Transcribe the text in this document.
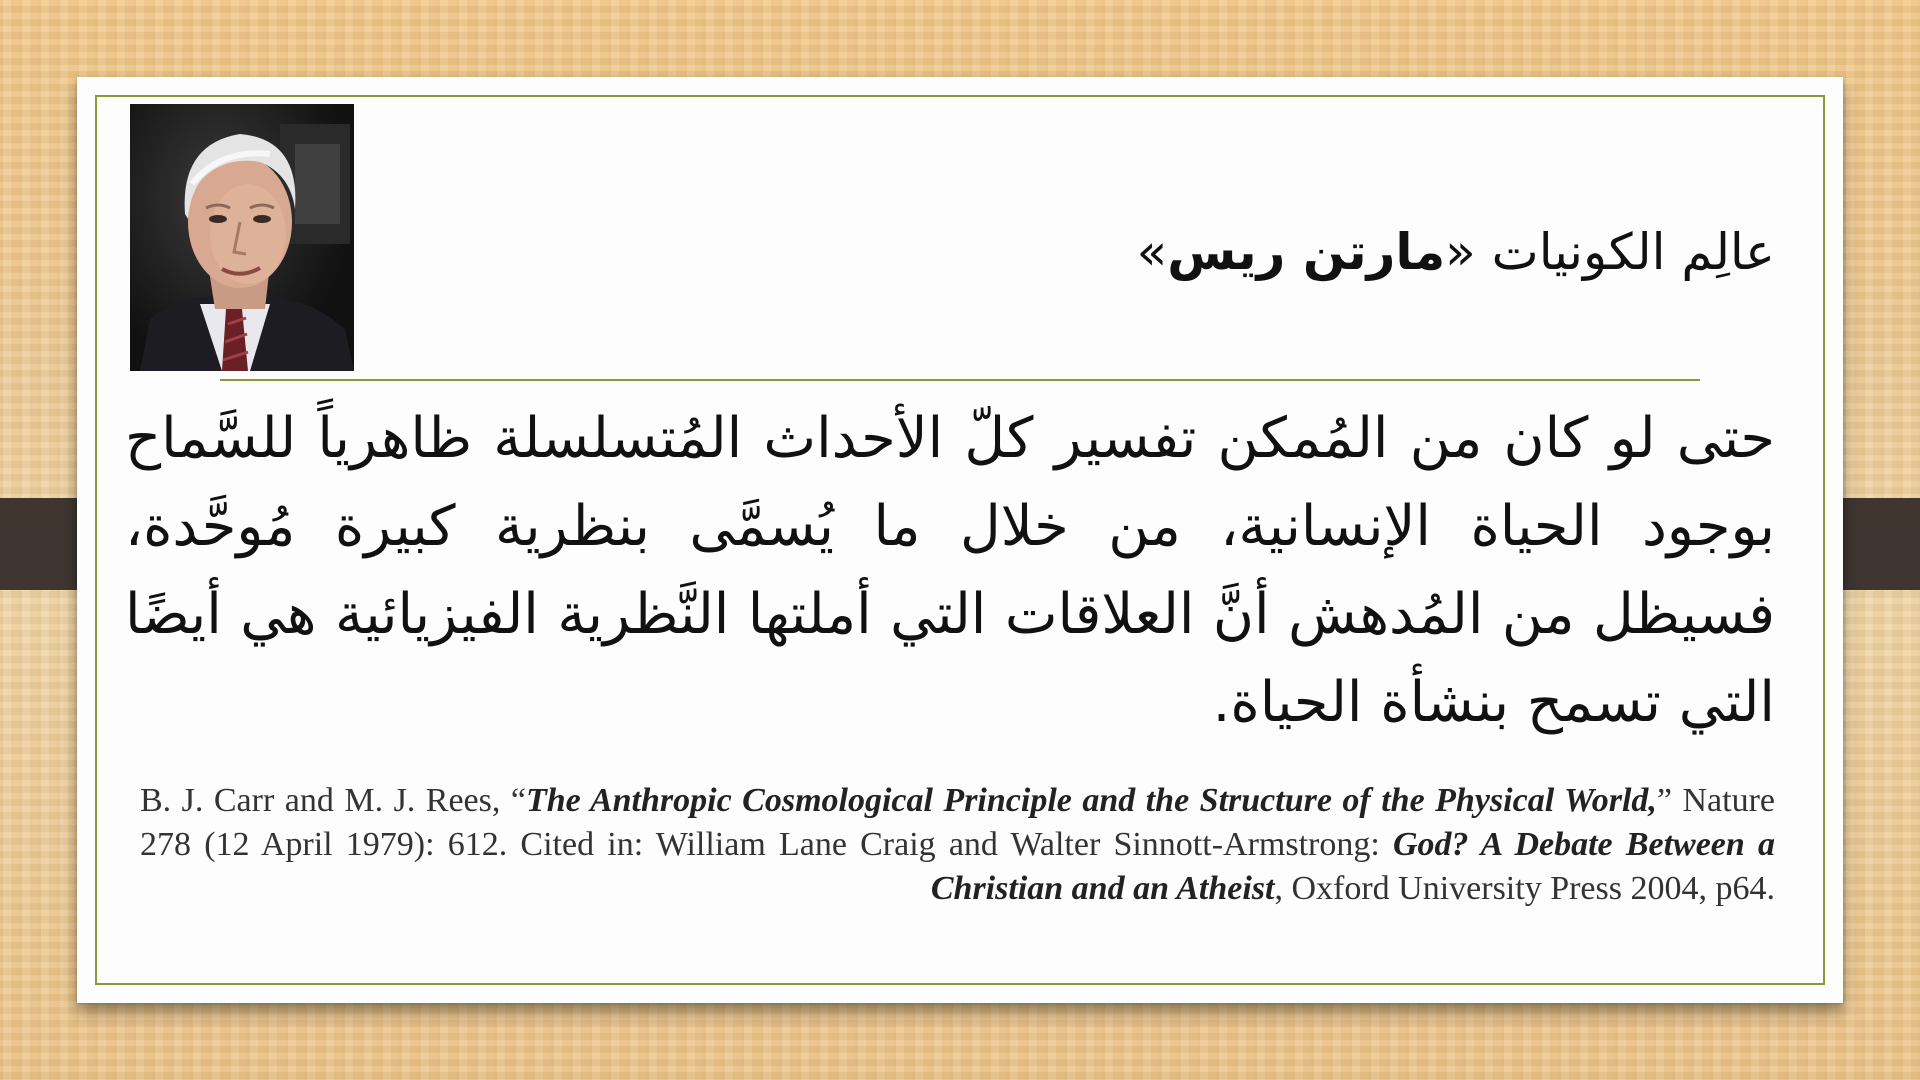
عالِم الكونيات «مارتن ريس»
حتى لو كان من المُمكن تفسير كلّ الأحداث المُتسلسلة ظاهرياً للسَّماح بوجود الحياة الإنسانية، من خلال ما يُسمَّى بنظرية كبيرة مُوحَّدة، فسيظل من المُدهش أنَّ العلاقات التي أملتها النَّظرية الفيزيائية هي أيضًا التي تسمح بنشأة الحياة.
B. J. Carr and M. J. Rees, “The Anthropic Cosmological Principle and the Structure of the Physical World,” Nature 278 (12 April 1979): 612. Cited in: William Lane Craig and Walter Sinnott-Armstrong: God? A Debate Between a Christian and an Atheist, Oxford University Press 2004, p64.
